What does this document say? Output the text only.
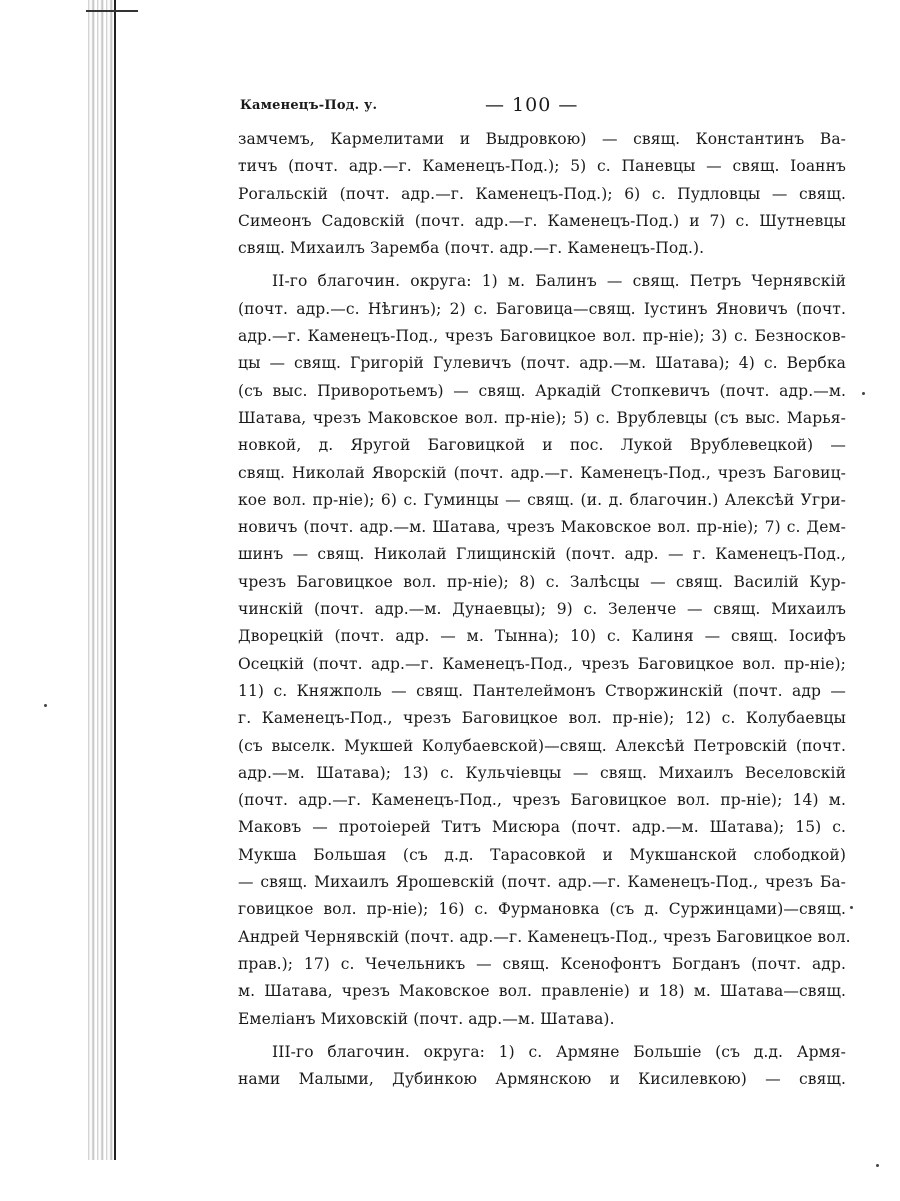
Каменецъ-Под. у.	— 100 —
замчемъ, Кармелитами и Выдровкою) — свящ. Константинъ Ва-
тичъ (почт. адр.—г. Каменецъ-Под.); 5) с. Паневцы — свящ. Іоаннъ
Рогальскій (почт. адр.—г. Каменецъ-Под.); 6) с. Пудловцы — свящ.
Симеонъ Садовскій (почт. адр.—г. Каменецъ-Под.) и 7) с. Шутневцы
свящ. Михаилъ Заремба (почт. адр.—г. Каменецъ-Под.).
II-го благочин. округа: 1) м. Балинъ — свящ. Петръ Чернявскій
(почт. адр.—с. Нѣгинъ); 2) с. Баговица—свящ. Іустинъ Яновичъ (почт.
адр.—г. Каменецъ-Под., чрезъ Баговицкое вол. пр-ніе); 3) с. Безносков-
цы — свящ. Григорій Гулевичъ (почт. адр.—м. Шатава); 4) с. Вербка
(съ выс. Приворотьемъ) — свящ. Аркадій Стопкевичъ (почт. адр.—м.
Шатава, чрезъ Маковское вол. пр-ніе); 5) с. Врублевцы (съ выс. Марья-
новкой, д. Яругой Баговицкой и пос. Лукой Врублевецкой) —
свящ. Николай Яворскій (почт. адр.—г. Каменецъ-Под., чрезъ Баговиц-
кое вол. пр-ніе); 6) с. Гуминцы — свящ. (и. д. благочин.) Алексѣй Угри-
новичъ (почт. адр.—м. Шатава, чрезъ Маковское вол. пр-ніе); 7) с. Дем-
шинъ — свящ. Николай Глищинскій (почт. адр. — г. Каменецъ-Под.,
чрезъ Баговицкое вол. пр-ніе); 8) с. Залѣсцы — свящ. Василій Кур-
чинскій (почт. адр.—м. Дунаевцы); 9) с. Зеленче — свящ. Михаилъ
Дворецкій (почт. адр. — м. Тынна); 10) с. Калиня — свящ. Іосифъ
Осецкій (почт. адр.—г. Каменецъ-Под., чрезъ Баговицкое вол. пр-ніе);
11) с. Княжполь — свящ. Пантелеймонъ Створжинскій (почт. адр —
г. Каменецъ-Под., чрезъ Баговицкое вол. пр-ніе); 12) с. Колубаевцы
(съ выселк. Мукшей Колубаевской)—свящ. Алексѣй Петровскій (почт.
адр.—м. Шатава); 13) с. Кульчіевцы — свящ. Михаилъ Веселовскій
(почт. адр.—г. Каменецъ-Под., чрезъ Баговицкое вол. пр-ніе); 14) м.
Маковъ — протоіерей Титъ Мисюра (почт. адр.—м. Шатава); 15) с.
Мукша Большая (съ д.д. Тарасовкой и Мукшанской слободкой)
— свящ. Михаилъ Ярошевскій (почт. адр.—г. Каменецъ-Под., чрезъ Ба-
говицкое вол. пр-ніе); 16) с. Фурмановка (съ д. Суржинцами)—свящ.
Андрей Чернявскій (почт. адр.—г. Каменецъ-Под., чрезъ Баговицкое вол.
прав.); 17) с. Чечельникъ — свящ. Ксенофонтъ Богданъ (почт. адр.
м. Шатава, чрезъ Маковское вол. правленіе) и 18) м. Шатава—свящ.
Емеліанъ Миховскій (почт. адр.—м. Шатава).
III-го благочин. округа: 1) с. Армяне Большіе (съ д.д. Армя-
нами Малыми, Дубинкою Армянскою и Кисилевкою) — свящ.
